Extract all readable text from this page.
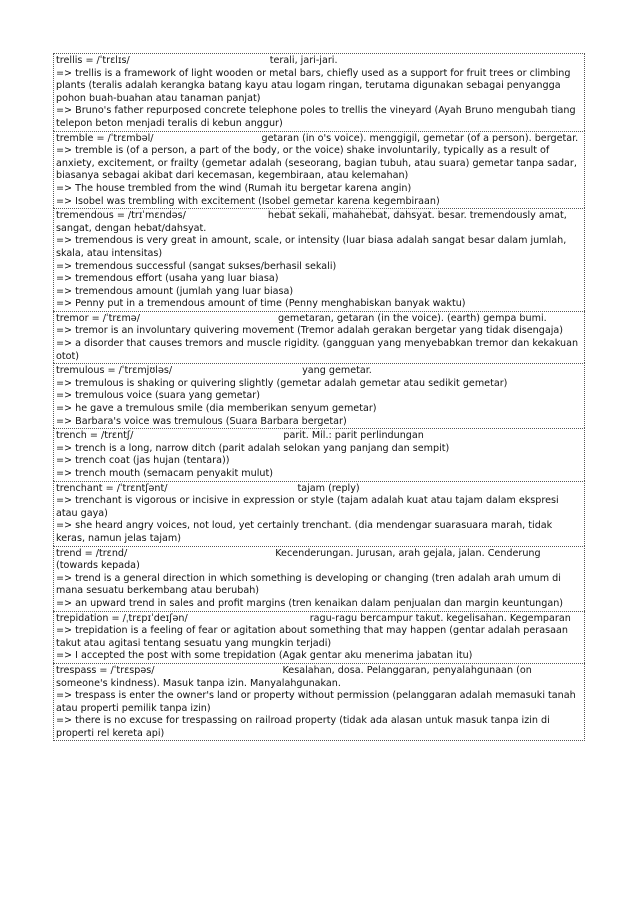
trellis = /ˈtrɛlɪs/	terali, jari-jari.
=> trellis is a framework of light wooden or metal bars, chiefly used as a support for fruit trees or climbing plants (teralis adalah kerangka batang kayu atau logam ringan, terutama digunakan sebagai penyangga pohon buah-buahan atau tanaman panjat)
=> Bruno's father repurposed concrete telephone poles to trellis the vineyard (Ayah Bruno mengubah tiang telepon beton menjadi teralis di kebun anggur)
tremble = /ˈtrɛmbəl/	getaran (in o's voice). menggigil, gemetar (of a person). bergetar.
=> tremble is (of a person, a part of the body, or the voice) shake involuntarily, typically as a result of anxiety, excitement, or frailty (gemetar adalah (seseorang, bagian tubuh, atau suara) gemetar tanpa sadar, biasanya sebagai akibat dari kecemasan, kegembiraan, atau kelemahan)
=> The house trembled from the wind (Rumah itu bergetar karena angin)
=> Isobel was trembling with excitement (Isobel gemetar karena kegembiraan)
tremendous = /trɪˈmɛndəs/	hebat sekali, mahahebat, dahsyat. besar. tremendously amat, sangat, dengan hebat/dahsyat.
=> tremendous is very great in amount, scale, or intensity (luar biasa adalah sangat besar dalam jumlah, skala, atau intensitas)
=> tremendous successful (sangat sukses/berhasil sekali)
=> tremendous effort (usaha yang luar biasa)
=> tremendous amount (jumlah yang luar biasa)
=> Penny put in a tremendous amount of time (Penny menghabiskan banyak waktu)
tremor = /ˈtrɛmə/	gemetaran, getaran (in the voice). (earth) gempa bumi.
=> tremor is an involuntary quivering movement (Tremor adalah gerakan bergetar yang tidak disengaja)
=> a disorder that causes tremors and muscle rigidity. (gangguan yang menyebabkan tremor dan kekakuan otot)
tremulous = /ˈtrɛmjʊləs/	yang gemetar.
=> tremulous is shaking or quivering slightly (gemetar adalah gemetar atau sedikit gemetar)
=> tremulous voice (suara yang gemetar)
=> he gave a tremulous smile (dia memberikan senyum gemetar)
=> Barbara's voice was tremulous (Suara Barbara bergetar)
trench = /trɛntʃ/	parit. Mil.: parit perlindungan
=> trench is a long, narrow ditch (parit adalah selokan yang panjang dan sempit)
=> trench coat (jas hujan (tentara))
=> trench mouth (semacam penyakit mulut)
trenchant = /ˈtrɛntʃənt/	tajam (reply)
=> trenchant is vigorous or incisive in expression or style (tajam adalah kuat atau tajam dalam ekspresi atau gaya)
=> she heard angry voices, not loud, yet certainly trenchant. (dia mendengar suarasuara marah, tidak keras, namun jelas tajam)
trend = /trɛnd/	Kecenderungan. Jurusan, arah gejala, jalan. Cenderung (towards kepada)
=> trend is a general direction in which something is developing or changing (tren adalah arah umum di mana sesuatu berkembang atau berubah)
=> an upward trend in sales and profit margins (tren kenaikan dalam penjualan dan margin keuntungan)
trepidation = /ˌtrɛpɪˈdeɪʃən/	ragu-ragu bercampur takut. kegelisahan. Kegemparan
=> trepidation is a feeling of fear or agitation about something that may happen (gentar adalah perasaan takut atau agitasi tentang sesuatu yang mungkin terjadi)
=> I accepted the post with some trepidation (Agak gentar aku menerima jabatan itu)
trespass = /ˈtrɛspəs/	Kesalahan, dosa. Pelanggaran, penyalahgunaan (on someone's kindness). Masuk tanpa izin. Manyalahgunakan.
=> trespass is enter the owner's land or property without permission (pelanggaran adalah memasuki tanah atau properti pemilik tanpa izin)
=> there is no excuse for trespassing on railroad property (tidak ada alasan untuk masuk tanpa izin di properti rel kereta api)
